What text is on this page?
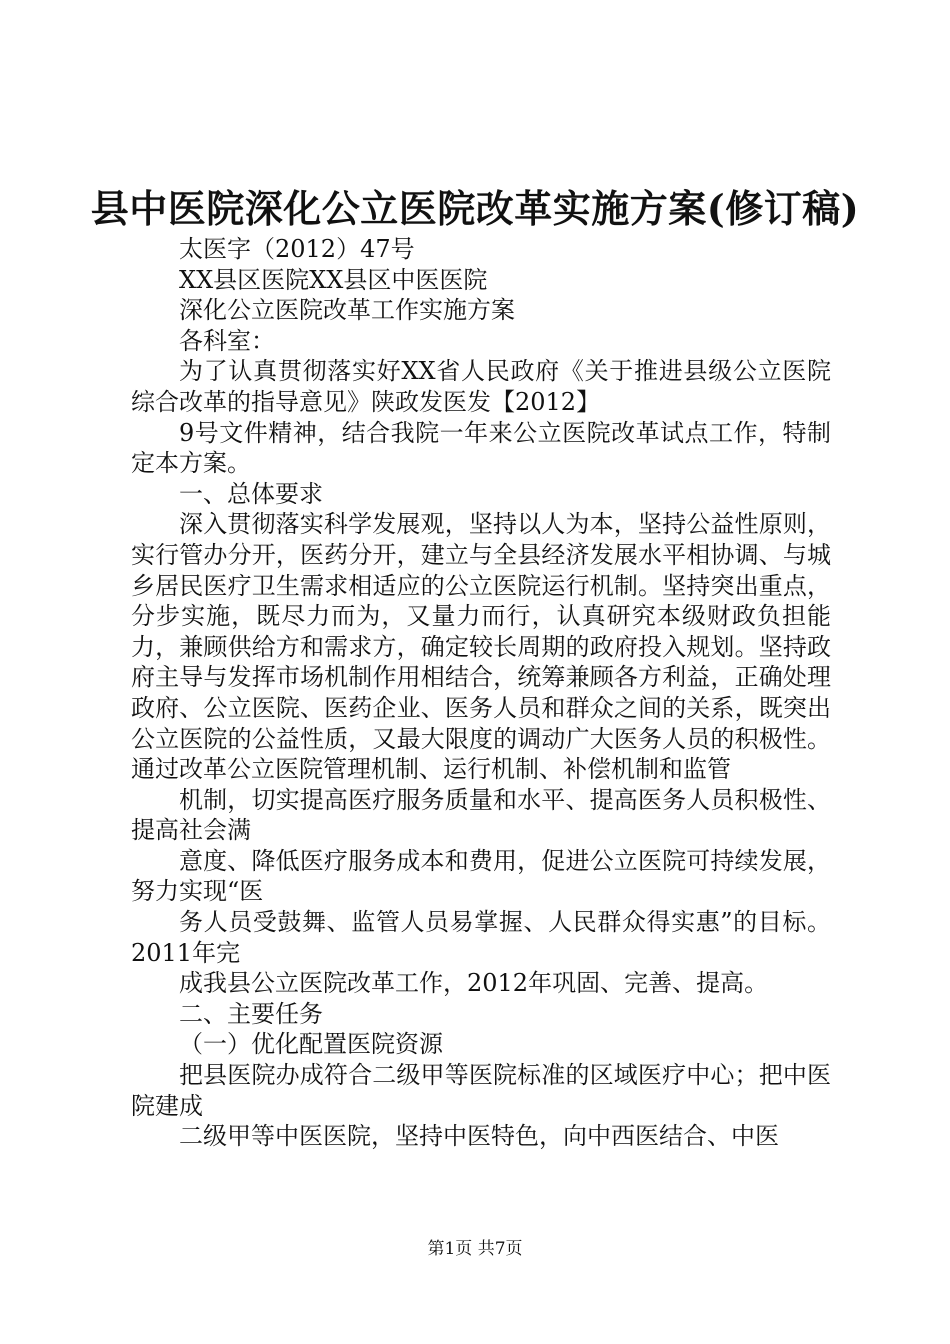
县中医院深化公立医院改革实施方案(修订稿)

太医字（2012）47号

XX县区医院XX县区中医医院

深化公立医院改革工作实施方案

各科室：

为了认真贯彻落实好XX省人民政府《关于推进县级公立医院综合改革的指导意见》陕政发医发【2012】

9号文件精神，结合我院一年来公立医院改革试点工作，特制定本方案。

一、总体要求

深入贯彻落实科学发展观，坚持以人为本，坚持公益性原则，实行管办分开，医药分开，建立与全县经济发展水平相协调、与城乡居民医疗卫生需求相适应的公立医院运行机制。坚持突出重点，分步实施，既尽力而为，又量力而行，认真研究本级财政负担能力，兼顾供给方和需求方，确定较长周期的政府投入规划。坚持政府主导与发挥市场机制作用相结合，统筹兼顾各方利益，正确处理政府、公立医院、医药企业、医务人员和群众之间的关系，既突出公立医院的公益性质，又最大限度的调动广大医务人员的积极性。通过改革公立医院管理机制、运行机制、补偿机制和监管

机制，切实提高医疗服务质量和水平、提高医务人员积极性、提高社会满

意度、降低医疗服务成本和费用，促进公立医院可持续发展，努力实现“医

务人员受鼓舞、监管人员易掌握、人民群众得实惠”的目标。2011年完

成我县公立医院改革工作，2012年巩固、完善、提高。

二、主要任务

（一）优化配置医院资源

把县医院办成符合二级甲等医院标准的区域医疗中心；把中医院建成

二级甲等中医医院，坚持中医特色，向中西医结合、中医

第1页 共7页
